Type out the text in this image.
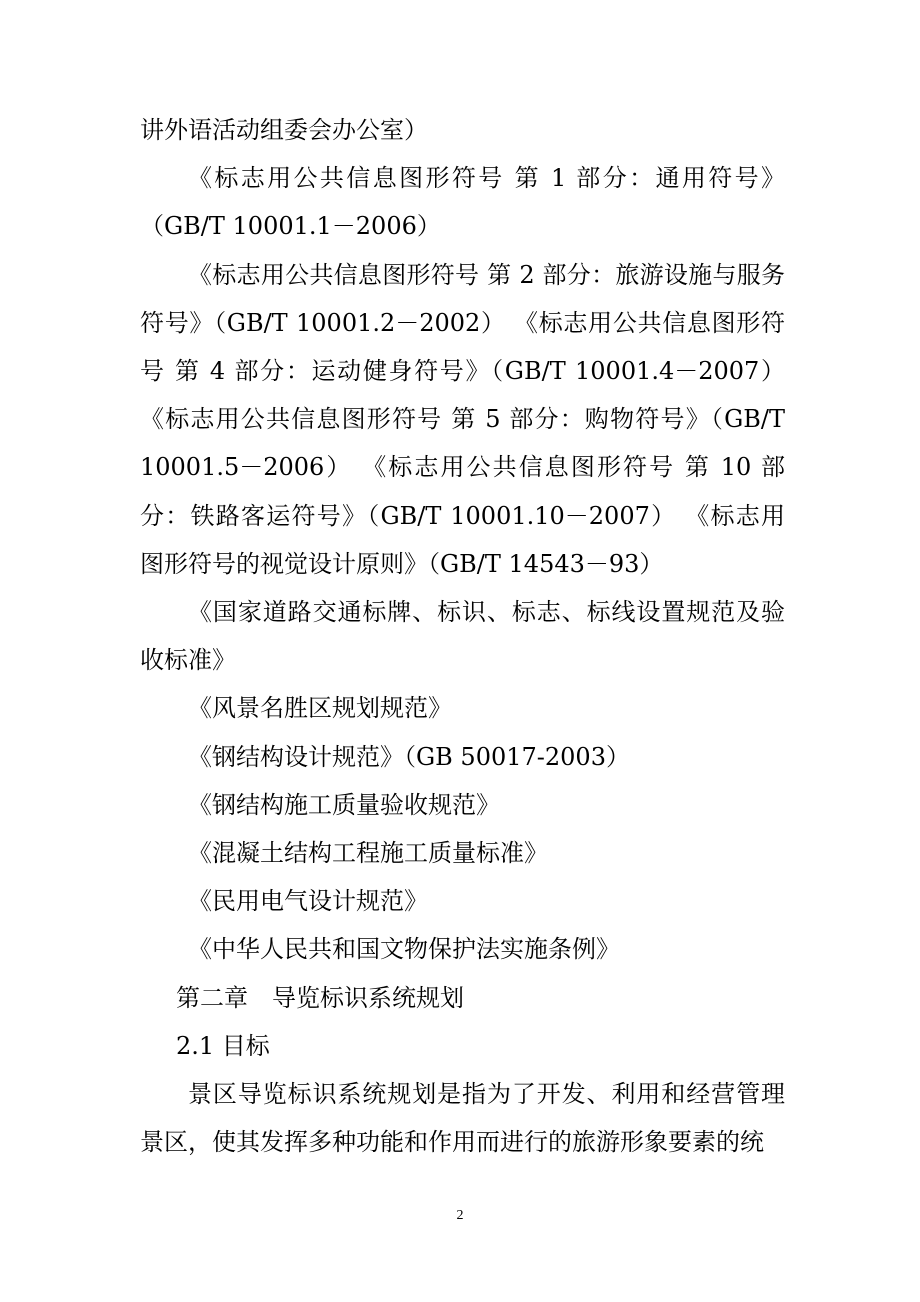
讲外语活动组委会办公室）

《标志用公共信息图形符号 第 1 部分：通用符号》（GB/T 10001.1－2006）

《标志用公共信息图形符号 第 2 部分：旅游设施与服务符号》（GB/T 10001.2－2002） 《标志用公共信息图形符号 第 4 部分：运动健身符号》（GB/T 10001.4－2007） 《标志用公共信息图形符号 第 5 部分：购物符号》（GB/T 10001.5－2006） 《标志用公共信息图形符号 第 10 部分：铁路客运符号》（GB/T 10001.10－2007） 《标志用图形符号的视觉设计原则》（GB/T 14543－93）

《国家道路交通标牌、标识、标志、标线设置规范及验收标准》

《风景名胜区规划规范》

《钢结构设计规范》（GB 50017-2003）

《钢结构施工质量验收规范》

《混凝土结构工程施工质量标准》

《民用电气设计规范》

《中华人民共和国文物保护法实施条例》

第二章　导览标识系统规划

2.1 目标

景区导览标识系统规划是指为了开发、利用和经营管理景区，使其发挥多种功能和作用而进行的旅游形象要素的统

2
